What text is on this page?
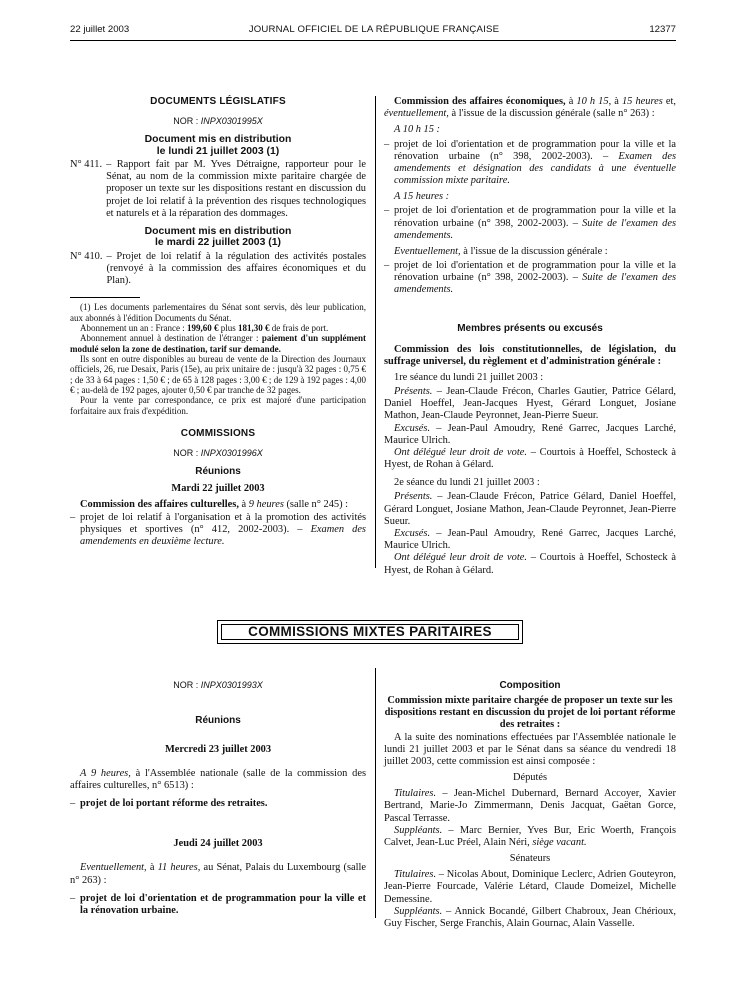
22 juillet 2003	JOURNAL OFFICIEL DE LA RÉPUBLIQUE FRANÇAISE	12377
DOCUMENTS LÉGISLATIFS
NOR : INPX0301995X
Document mis en distribution
le lundi 21 juillet 2003 (1)
N° 411. – Rapport fait par M. Yves Détraigne, rapporteur pour le Sénat, au nom de la commission mixte paritaire chargée de proposer un texte sur les dispositions restant en discussion du projet de loi relatif à la prévention des risques technologiques et naturels et à la réparation des dommages.
Document mis en distribution
le mardi 22 juillet 2003 (1)
N° 410. – Projet de loi relatif à la régulation des activités postales (renvoyé à la commission des affaires économiques et du Plan).

(1) Les documents parlementaires du Sénat sont servis, dès leur publication, aux abonnés à l'édition Documents du Sénat.

Abonnement un an : France : 199,60 € plus 181,30 € de frais de port.

Abonnement annuel à destination de l'étranger : paiement d'un supplément modulé selon la zone de destination, tarif sur demande.

Ils sont en outre disponibles au bureau de vente de la Direction des Journaux officiels, 26, rue Desaix, Paris (15e), au prix unitaire de : jusqu'à 32 pages : 0,75 € ; de 33 à 64 pages : 1,50 € ; de 65 à 128 pages : 3,00 € ; de 129 à 192 pages : 4,00 € ; au-delà de 192 pages, ajouter 0,50 € par tranche de 32 pages.

Pour la vente par correspondance, ce prix est majoré d'une participation forfaitaire aux frais d'expédition.

COMMISSIONS
NOR : INPX0301996X
Réunions
Mardi 22 juillet 2003
Commission des affaires culturelles, à 9 heures (salle n° 245) :
– projet de loi relatif à l'organisation et à la promotion des activités physiques et sportives (n° 412, 2002-2003). – Examen des amendements en deuxième lecture.
Commission des affaires économiques, à 10 h 15, à 15 heures et, éventuellement, à l'issue de la discussion générale (salle n° 263) :
A 10 h 15 :
– projet de loi d'orientation et de programmation pour la ville et la rénovation urbaine (n° 398, 2002-2003). – Examen des amendements et désignation des candidats à une éventuelle commission mixte paritaire.
A 15 heures :
– projet de loi d'orientation et de programmation pour la ville et la rénovation urbaine (n° 398, 2002-2003). – Suite de l'examen des amendements.
Eventuellement, à l'issue de la discussion générale :
– projet de loi d'orientation et de programmation pour la ville et la rénovation urbaine (n° 398, 2002-2003). – Suite de l'examen des amendements.
Membres présents ou excusés
Commission des lois constitutionnelles, de législation, du suffrage universel, du règlement et d'administration générale :
1re séance du lundi 21 juillet 2003 :
Présents. – Jean-Claude Frécon, Charles Gautier, Patrice Gélard, Daniel Hoeffel, Jean-Jacques Hyest, Gérard Longuet, Josiane Mathon, Jean-Claude Peyronnet, Jean-Pierre Sueur.
Excusés. – Jean-Paul Amoudry, René Garrec, Jacques Larché, Maurice Ulrich.
Ont délégué leur droit de vote. – Courtois à Hoeffel, Schosteck à Hyest, de Rohan à Gélard.
2e séance du lundi 21 juillet 2003 :
Présents. – Jean-Claude Frécon, Patrice Gélard, Daniel Hoeffel, Gérard Longuet, Josiane Mathon, Jean-Claude Peyronnet, Jean-Pierre Sueur.
Excusés. – Jean-Paul Amoudry, René Garrec, Jacques Larché, Maurice Ulrich.
Ont délégué leur droit de vote. – Courtois à Hoeffel, Schosteck à Hyest, de Rohan à Gélard.
COMMISSIONS MIXTES PARITAIRES
NOR : INPX0301993X
Réunions
Mercredi 23 juillet 2003
A 9 heures, à l'Assemblée nationale (salle de la commission des affaires culturelles, n° 6513) :
– projet de loi portant réforme des retraites.
Jeudi 24 juillet 2003
Eventuellement, à 11 heures, au Sénat, Palais du Luxembourg (salle n° 263) :
– projet de loi d'orientation et de programmation pour la ville et la rénovation urbaine.
Composition
Commission mixte paritaire chargée de proposer un texte sur les dispositions restant en discussion du projet de loi portant réforme des retraites :
A la suite des nominations effectuées par l'Assemblée nationale le lundi 21 juillet 2003 et par le Sénat dans sa séance du vendredi 18 juillet 2003, cette commission est ainsi composée :
Députés
Titulaires. – Jean-Michel Dubernard, Bernard Accoyer, Xavier Bertrand, Marie-Jo Zimmermann, Denis Jacquat, Gaëtan Gorce, Pascal Terrasse.
Suppléants. – Marc Bernier, Yves Bur, Eric Woerth, François Calvet, Jean-Luc Préel, Alain Néri, siège vacant.
Sénateurs
Titulaires. – Nicolas About, Dominique Leclerc, Adrien Gouteyron, Jean-Pierre Fourcade, Valérie Létard, Claude Domeizel, Michelle Demessine.
Suppléants. – Annick Bocandé, Gilbert Chabroux, Jean Chérioux, Guy Fischer, Serge Franchis, Alain Gournac, Alain Vasselle.
